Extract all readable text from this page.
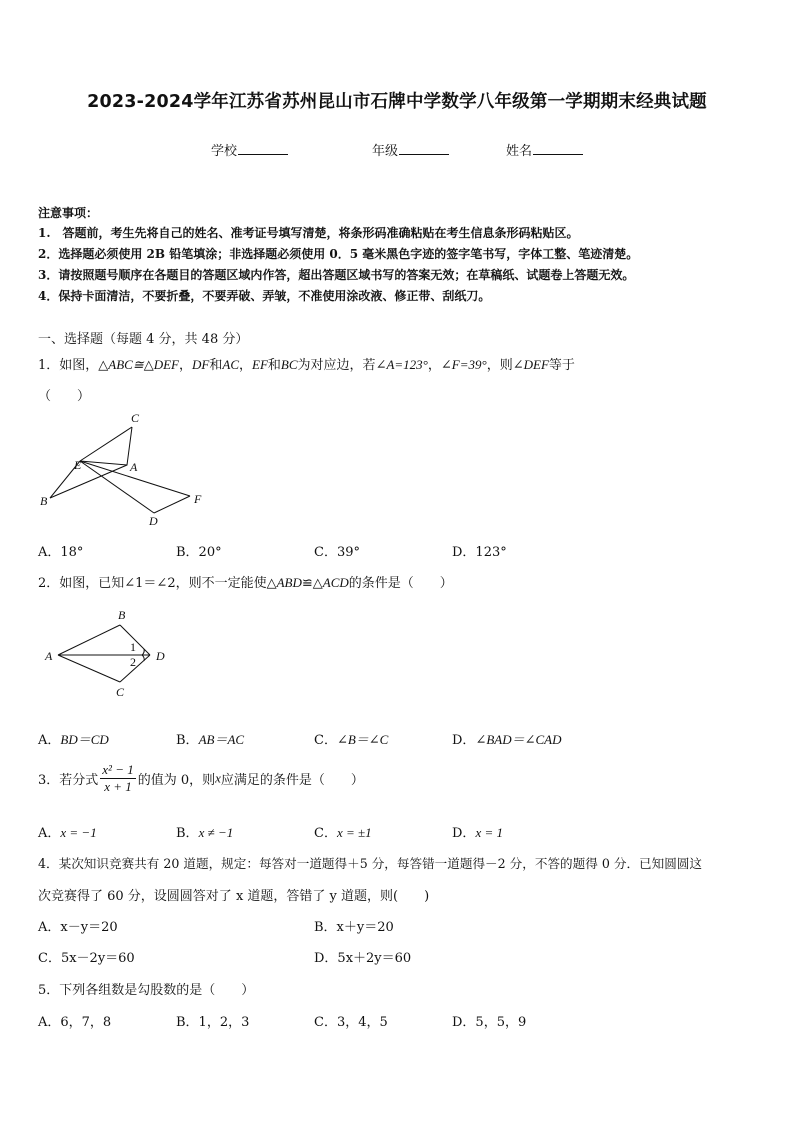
2023-2024学年江苏省苏州昆山市石牌中学数学八年级第一学期期末经典试题
学校	年级	姓名
注意事项：
1.　答题前，考生先将自己的姓名、准考证号填写清楚，将条形码准确粘贴在考生信息条形码粘贴区。
2．选择题必须使用 2B 铅笔填涂；非选择题必须使用 0．5 毫米黑色字迹的签字笔书写，字体工整、笔迹清楚。
3．请按照题号顺序在各题目的答题区域内作答，超出答题区域书写的答案无效；在草稿纸、试题卷上答题无效。
4．保持卡面清洁，不要折叠，不要弄破、弄皱，不准使用涂改液、修正带、刮纸刀。
一、选择题（每题 4 分，共 48 分）
1．如图，△ABC≅△DEF，DF和AC，EF和BC为对应边，若∠A=123°，∠F=39°，则∠DEF等于
（　　）
C
E	A
B	F
D
A．18°	B．20°	C．39°	D．123°
2．如图，已知∠1＝∠2，则不一定能使△ABD≌△ACD的条件是（　　）
A
B
C
D
1
2
A．BD＝CD	B．AB＝AC	C．∠B＝∠C	D．∠BAD＝∠CAD
3．若分式 $\frac{\text{x² − 1}}{x + 1}$ 的值为 0，则x应满足的条件是（　　）
A．x = −1	B．x ≠ −1	C．x = ±1	D．x = 1
4．某次知识竞赛共有 20 道题，规定：每答对一道题得＋5 分，每答错一道题得－2 分，不答的题得 0 分．已知圆圆这
次竞赛得了 60 分，设圆圆答对了 x 道题，答错了 y 道题，则(　　)
A．x－y＝20	B．x＋y＝20
C．5x－2y＝60	D．5x＋2y＝60
5．下列各组数是勾股数的是（　　）
A．6，7，8	B．1，2，3	C．3，4，5	D．5，5，9
